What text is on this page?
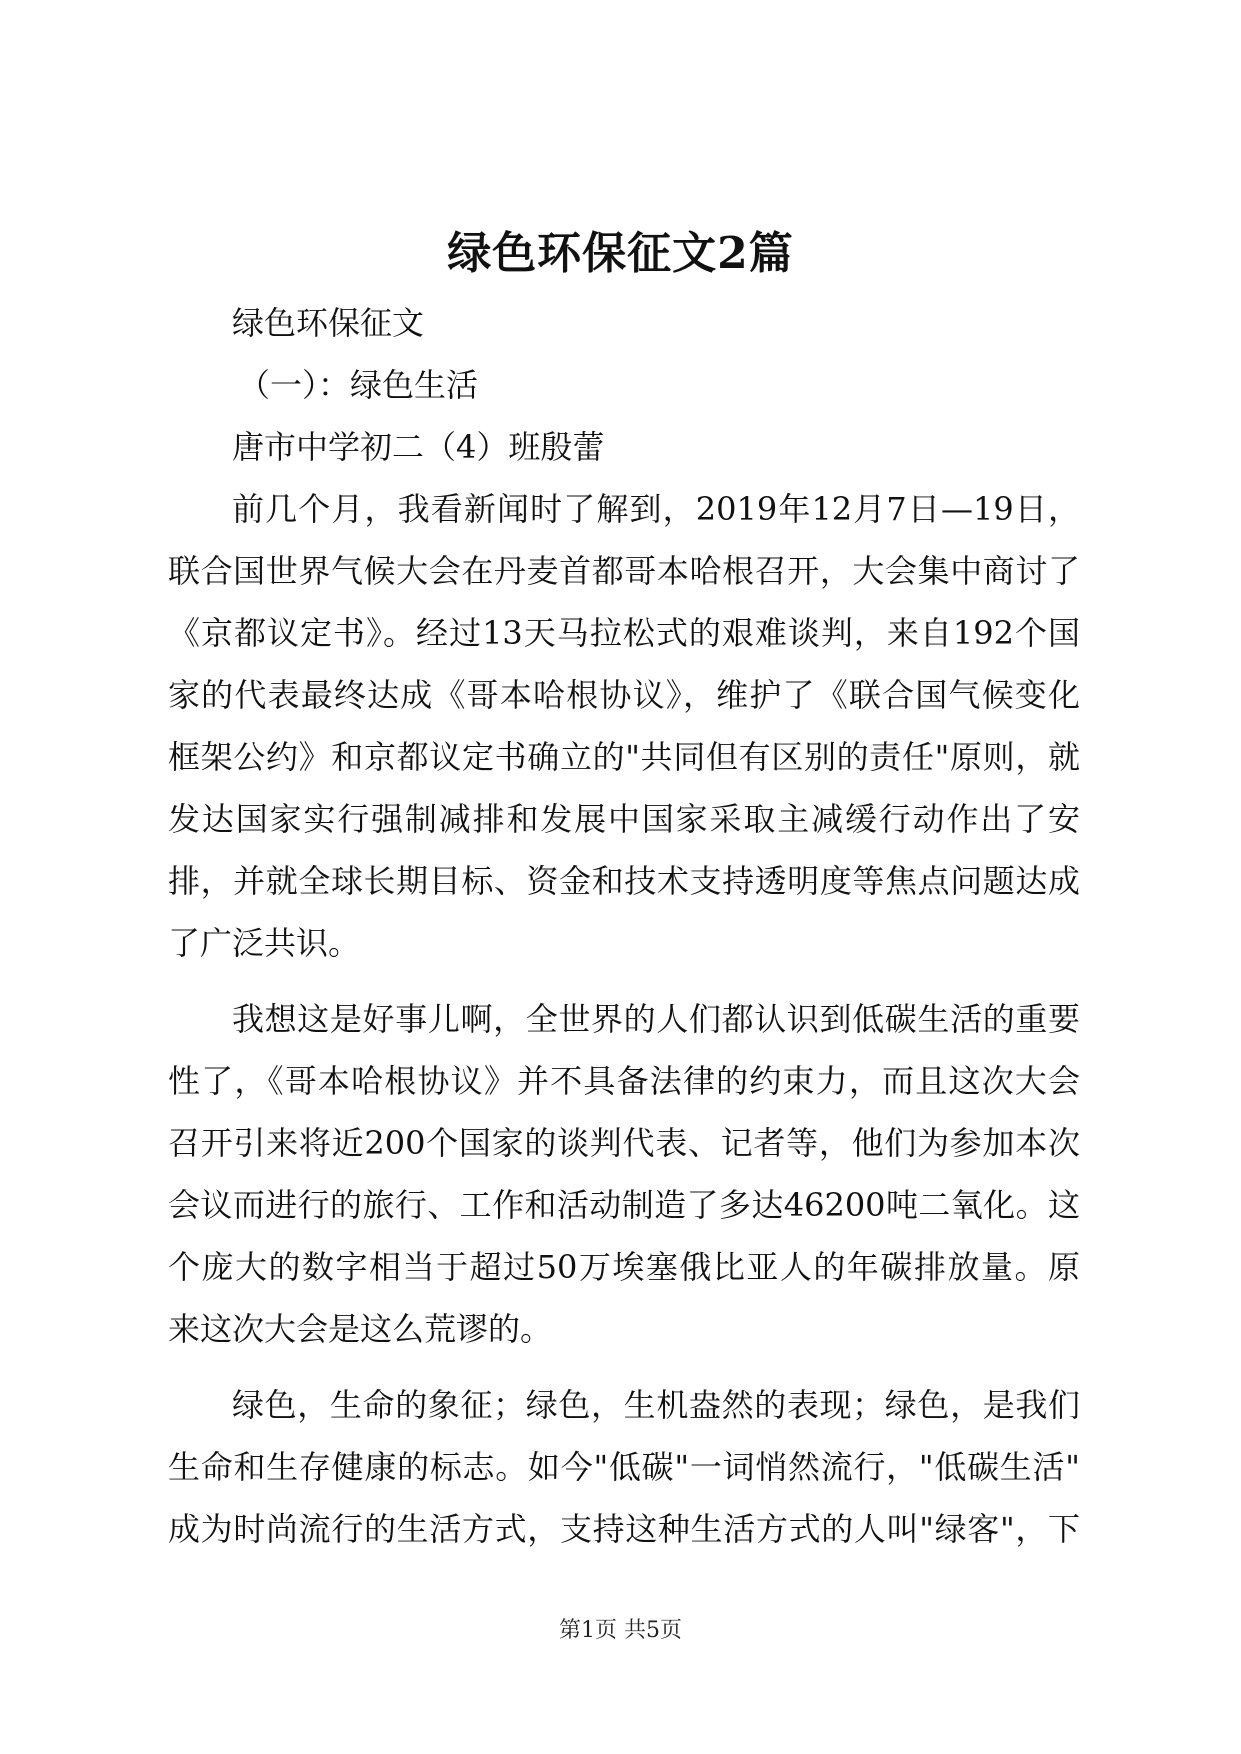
绿色环保征文2篇
绿色环保征文
（一）：绿色生活
唐市中学初二（4）班殷蕾
前几个月，我看新闻时了解到，2019年12月7日—19日，
联合国世界气候大会在丹麦首都哥本哈根召开，大会集中商讨了
《京都议定书》。经过13天马拉松式的艰难谈判，来自192个国
家的代表最终达成《哥本哈根协议》，维护了《联合国气候变化
框架公约》和京都议定书确立的"共同但有区别的责任"原则，就
发达国家实行强制减排和发展中国家采取主减缓行动作出了安
排，并就全球长期目标、资金和技术支持透明度等焦点问题达成
了广泛共识。
我想这是好事儿啊，全世界的人们都认识到低碳生活的重要
性了，《哥本哈根协议》并不具备法律的约束力，而且这次大会
召开引来将近200个国家的谈判代表、记者等，他们为参加本次
会议而进行的旅行、工作和活动制造了多达46200吨二氧化。这
个庞大的数字相当于超过50万埃塞俄比亚人的年碳排放量。原
来这次大会是这么荒谬的。
绿色，生命的象征；绿色，生机盎然的表现；绿色，是我们
生命和生存健康的标志。如今"低碳"一词悄然流行，"低碳生活"
成为时尚流行的生活方式，支持这种生活方式的人叫"绿客"，下
第1页 共5页
